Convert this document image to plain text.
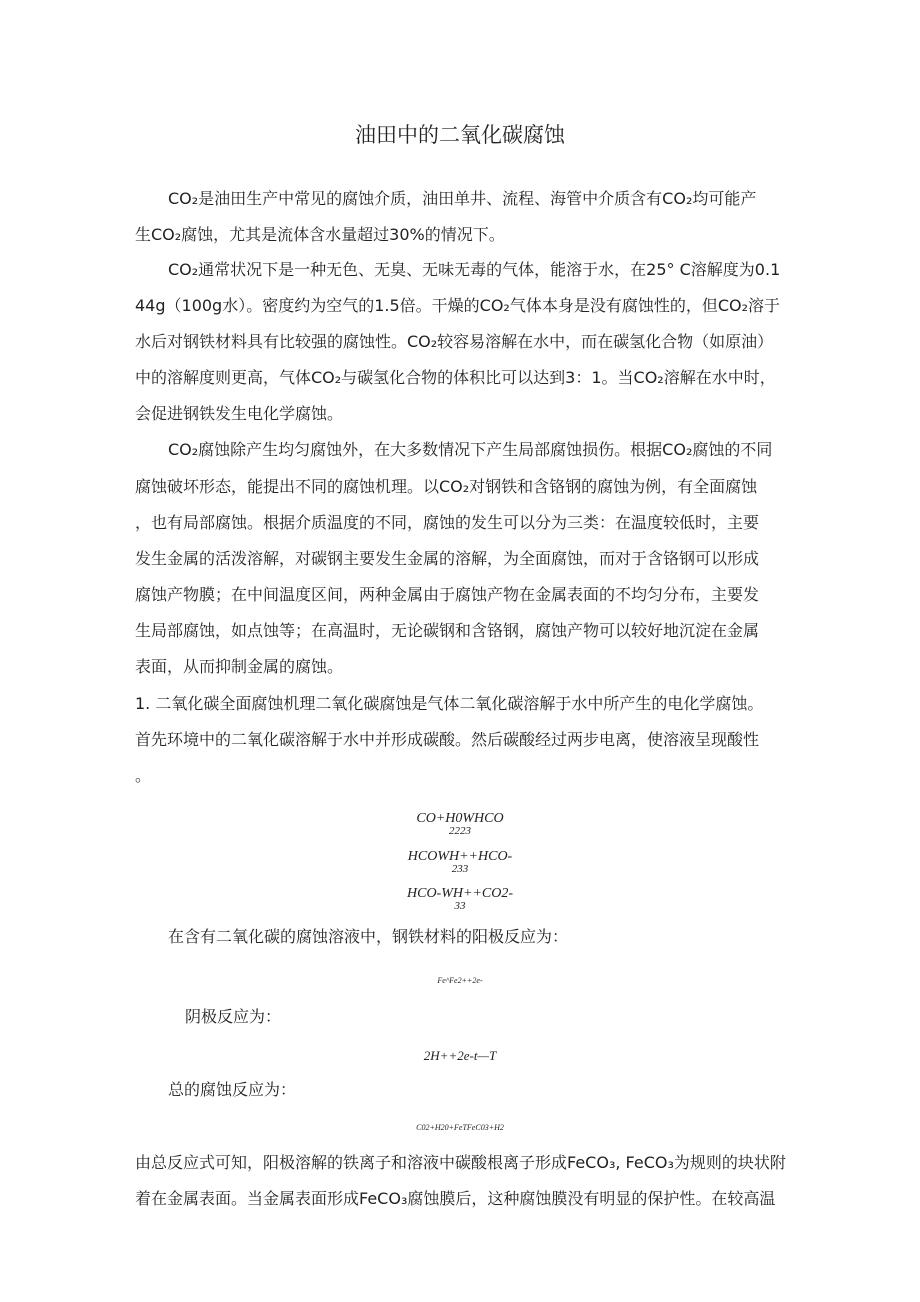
油田中的二氧化碳腐蚀
CO₂是油田生产中常见的腐蚀介质，油田单井、流程、海管中介质含有CO₂均可能产
生CO₂腐蚀，尤其是流体含水量超过30%的情况下。
CO₂通常状况下是一种无色、无臭、无味无毒的气体，能溶于水，在25° C溶解度为0.1
44g（100g水）。密度约为空气的1.5倍。干燥的CO₂气体本身是没有腐蚀性的，但CO₂溶于
水后对钢铁材料具有比较强的腐蚀性。CO₂较容易溶解在水中，而在碳氢化合物（如原油）
中的溶解度则更高，气体CO₂与碳氢化合物的体积比可以达到3：1。当CO₂溶解在水中时，
会促进钢铁发生电化学腐蚀。
CO₂腐蚀除产生均匀腐蚀外，在大多数情况下产生局部腐蚀损伤。根据CO₂腐蚀的不同
腐蚀破坏形态，能提出不同的腐蚀机理。以CO₂对钢铁和含铬钢的腐蚀为例，有全面腐蚀
，也有局部腐蚀。根据介质温度的不同，腐蚀的发生可以分为三类：在温度较低时，主要
发生金属的活泼溶解，对碳钢主要发生金属的溶解，为全面腐蚀，而对于含铬钢可以形成
腐蚀产物膜；在中间温度区间，两种金属由于腐蚀产物在金属表面的不均匀分布，主要发
生局部腐蚀，如点蚀等；在高温时，无论碳钢和含铬钢，腐蚀产物可以较好地沉淀在金属
表面，从而抑制金属的腐蚀。
1. 二氧化碳全面腐蚀机理二氧化碳腐蚀是气体二氧化碳溶解于水中所产生的电化学腐蚀。
首先环境中的二氧化碳溶解于水中并形成碳酸。然后碳酸经过两步电离，使溶液呈现酸性
。
CO+H0WHCO
2223
HCOWH++HCO-
233
HCO-WH++CO2-
33
在含有二氧化碳的腐蚀溶液中，钢铁材料的阳极反应为：
Fe^Fe2++2e-
阴极反应为：
2H++2e-t—T
总的腐蚀反应为：
C02+H20+FeTFeC03+H2
由总反应式可知，阳极溶解的铁离子和溶液中碳酸根离子形成FeCO₃, FeCO₃为规则的块状附
着在金属表面。当金属表面形成FeCO₃腐蚀膜后，这种腐蚀膜没有明显的保护性。在较高温
